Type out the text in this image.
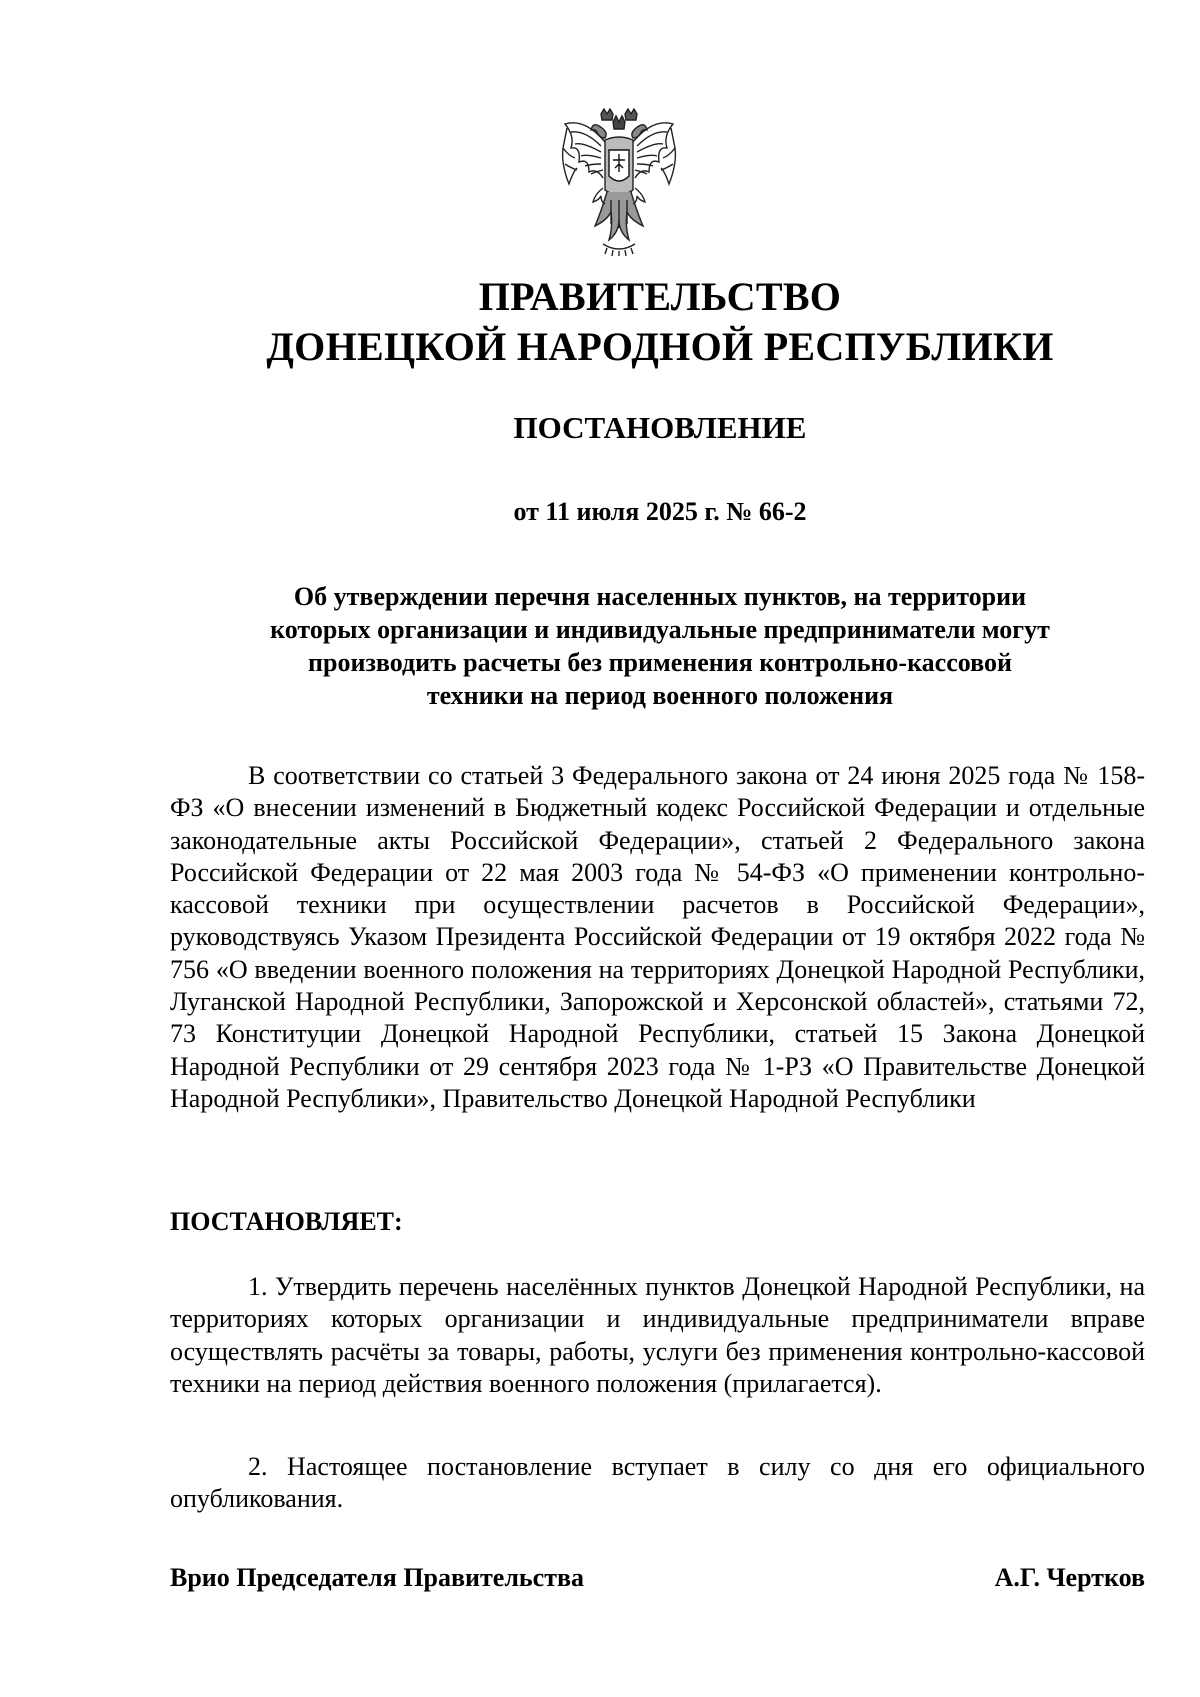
ПРАВИТЕЛЬСТВО
ДОНЕЦКОЙ НАРОДНОЙ РЕСПУБЛИКИ
ПОСТАНОВЛЕНИЕ
от 11 июля 2025 г. № 66-2
Об утверждении перечня населенных пунктов, на территории
которых организации и индивидуальные предприниматели могут
производить расчеты без применения контрольно-кассовой
техники на период военного положения
В соответствии со статьей 3 Федерального закона от 24 июня 2025 года № 158-ФЗ «О внесении изменений в Бюджетный кодекс Российской Федерации и отдельные законодательные акты Российской Федерации», статьей 2 Федерального закона Российской Федерации от 22 мая 2003 года № 54-ФЗ «О применении контрольно-кассовой техники при осуществлении расчетов в Российской Федерации», руководствуясь Указом Президента Российской Федерации от 19 октября 2022 года № 756 «О введении военного положения на территориях Донецкой Народной Республики, Луганской Народной Республики, Запорожской и Херсонской областей», статьями 72, 73 Конституции Донецкой Народной Республики, статьей 15 Закона Донецкой Народной Республики от 29 сентября 2023 года № 1-РЗ «О Правительстве Донецкой Народной Республики», Правительство Донецкой Народной Республики
ПОСТАНОВЛЯЕТ:
1. Утвердить перечень населённых пунктов Донецкой Народной Республики, на территориях которых организации и индивидуальные предприниматели вправе осуществлять расчёты за товары, работы, услуги без применения контрольно-кассовой техники на период действия военного положения (прилагается).
2. Настоящее постановление вступает в силу со дня его официального опубликования.
Врио Председателя Правительства	А.Г. Чертков
